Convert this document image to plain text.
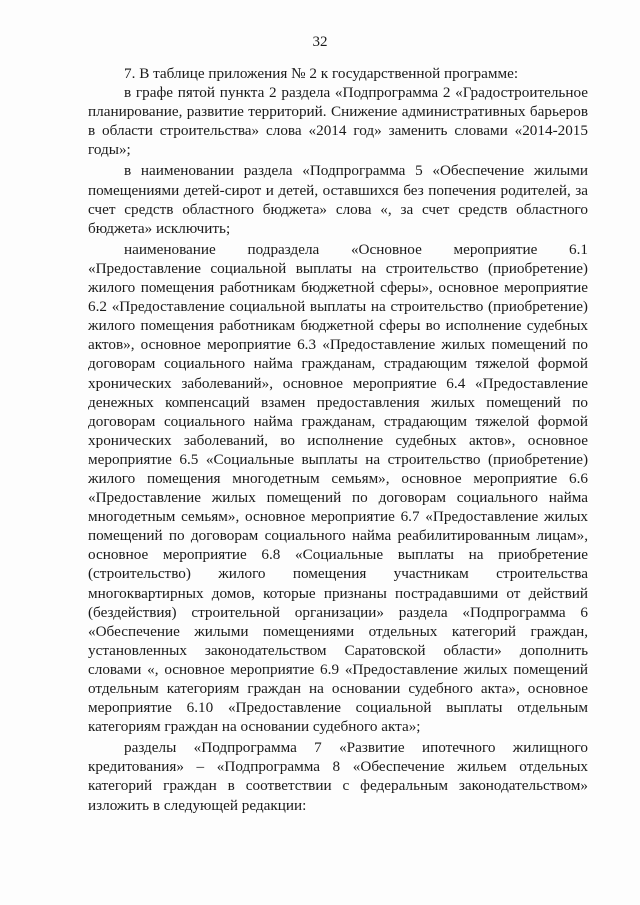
32

7. В таблице приложения № 2 к государственной программе:

в графе пятой пункта 2 раздела «Подпрограмма 2 «Градостроительное планирование, развитие территорий. Снижение административных барьеров в области строительства» слова «2014 год» заменить словами «2014-2015 годы»;

в наименовании раздела «Подпрограмма 5 «Обеспечение жилыми помещениями детей-сирот и детей, оставшихся без попечения родителей, за счет средств областного бюджета» слова «, за счет средств областного бюджета» исключить;

наименование подраздела «Основное мероприятие 6.1 «Предоставление социальной выплаты на строительство (приобретение) жилого помещения работникам бюджетной сферы», основное мероприятие 6.2 «Предоставление социальной выплаты на строительство (приобретение) жилого помещения работникам бюджетной сферы во исполнение судебных актов», основное мероприятие 6.3 «Предоставление жилых помещений по договорам социального найма гражданам, страдающим тяжелой формой хронических заболеваний», основное мероприятие 6.4 «Предоставление денежных компенсаций взамен предоставления жилых помещений по договорам социального найма гражданам, страдающим тяжелой формой хронических заболеваний, во исполнение судебных актов», основное мероприятие 6.5 «Социальные выплаты на строительство (приобретение) жилого помещения многодетным семьям», основное мероприятие 6.6 «Предоставление жилых помещений по договорам социального найма многодетным семьям», основное мероприятие 6.7 «Предоставление жилых помещений по договорам социального найма реабилитированным лицам», основное мероприятие 6.8 «Социальные выплаты на приобретение (строительство) жилого помещения участникам строительства многоквартирных домов, которые признаны пострадавшими от действий (бездействия) строительной организации» раздела «Подпрограмма 6 «Обеспечение жилыми помещениями отдельных категорий граждан, установленных законодательством Саратовской области» дополнить словами «, основное мероприятие 6.9 «Предоставление жилых помещений отдельным категориям граждан на основании судебного акта», основное мероприятие 6.10 «Предоставление социальной выплаты отдельным категориям граждан на основании судебного акта»;

разделы «Подпрограмма 7 «Развитие ипотечного жилищного кредитования» – «Подпрограмма 8 «Обеспечение жильем отдельных категорий граждан в соответствии с федеральным законодательством» изложить в следующей редакции:
